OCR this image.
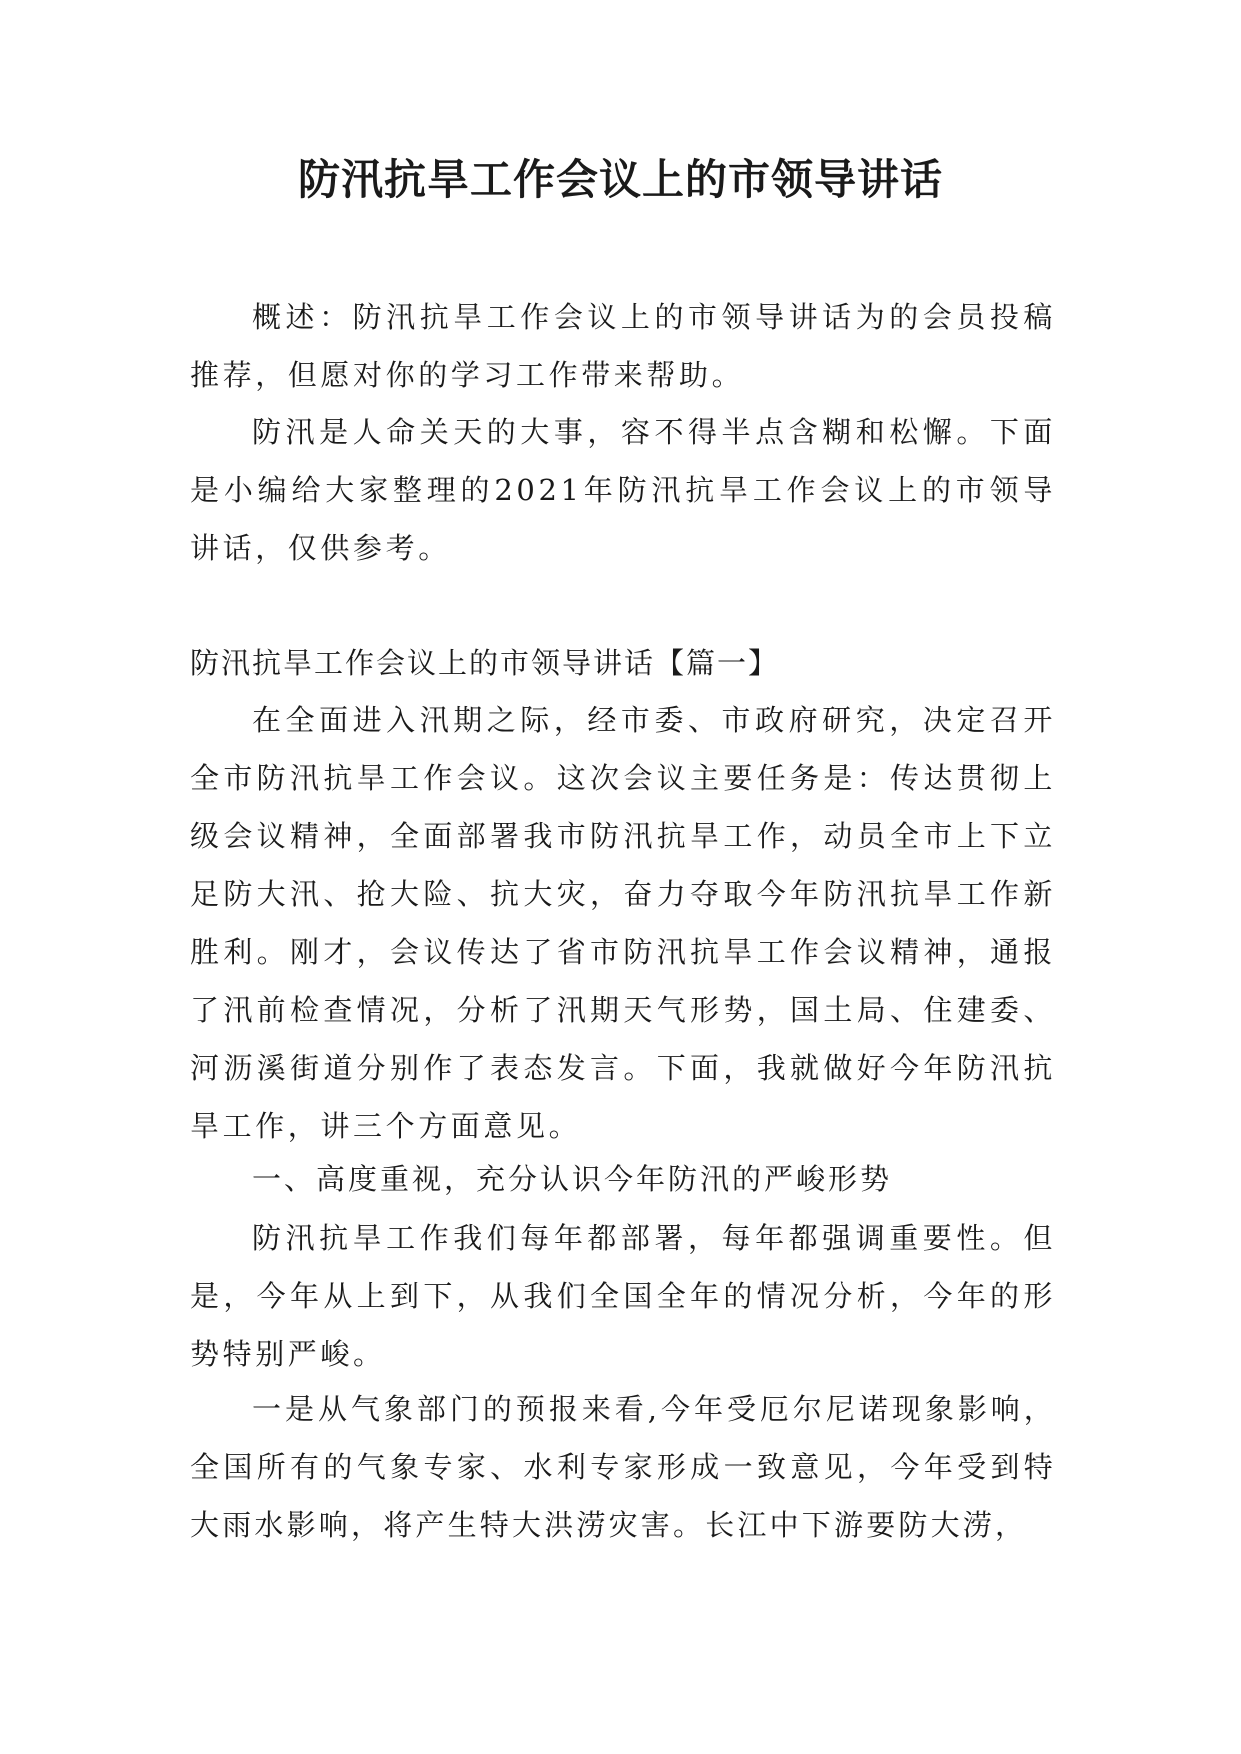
防汛抗旱工作会议上的市领导讲话

概述：防汛抗旱工作会议上的市领导讲话为的会员投稿推荐，但愿对你的学习工作带来帮助。

防汛是人命关天的大事，容不得半点含糊和松懈。下面是小编给大家整理的2021年防汛抗旱工作会议上的市领导讲话，仅供参考。

防汛抗旱工作会议上的市领导讲话【篇一】

在全面进入汛期之际，经市委、市政府研究，决定召开全市防汛抗旱工作会议。这次会议主要任务是：传达贯彻上级会议精神，全面部署我市防汛抗旱工作，动员全市上下立足防大汛、抢大险、抗大灾，奋力夺取今年防汛抗旱工作新胜利。刚才，会议传达了省市防汛抗旱工作会议精神，通报了汛前检查情况，分析了汛期天气形势，国土局、住建委、河沥溪街道分别作了表态发言。下面，我就做好今年防汛抗旱工作，讲三个方面意见。

一、高度重视，充分认识今年防汛的严峻形势

防汛抗旱工作我们每年都部署，每年都强调重要性。但是，今年从上到下，从我们全国全年的情况分析，今年的形势特别严峻。

一是从气象部门的预报来看,今年受厄尔尼诺现象影响，全国所有的气象专家、水利专家形成一致意见，今年受到特大雨水影响，将产生特大洪涝灾害。长江中下游要防大涝，
